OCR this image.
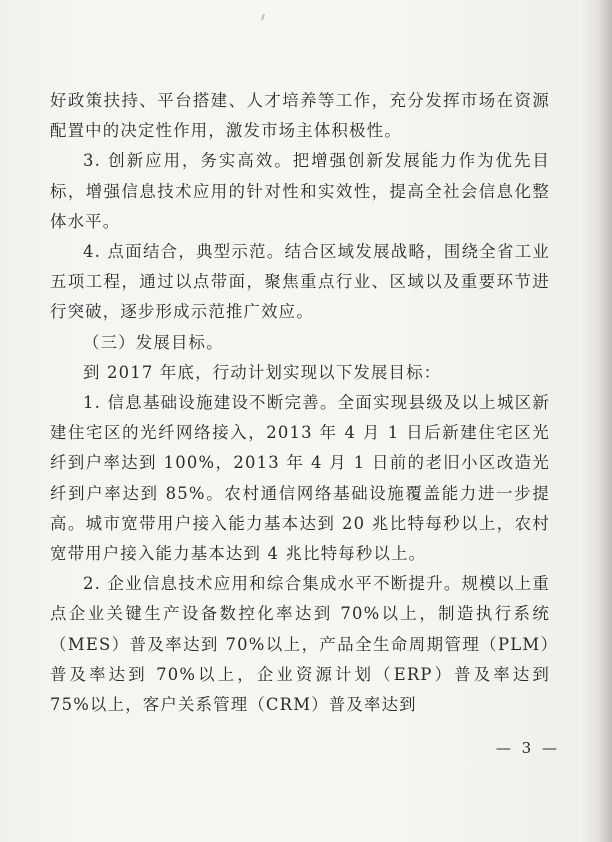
好政策扶持、平台搭建、人才培养等工作，充分发挥市场在资源配置中的决定性作用，激发市场主体积极性。

3. 创新应用，务实高效。把增强创新发展能力作为优先目标，增强信息技术应用的针对性和实效性，提高全社会信息化整体水平。

4. 点面结合，典型示范。结合区域发展战略，围绕全省工业五项工程，通过以点带面，聚焦重点行业、区域以及重要环节进行突破，逐步形成示范推广效应。

（三）发展目标。

到 2017 年底，行动计划实现以下发展目标：

1. 信息基础设施建设不断完善。全面实现县级及以上城区新建住宅区的光纤网络接入，2013 年 4 月 1 日后新建住宅区光纤到户率达到 100%，2013 年 4 月 1 日前的老旧小区改造光纤到户率达到 85%。农村通信网络基础设施覆盖能力进一步提高。城市宽带用户接入能力基本达到 20 兆比特每秒以上，农村宽带用户接入能力基本达到 4 兆比特每秒以上。

2. 企业信息技术应用和综合集成水平不断提升。规模以上重点企业关键生产设备数控化率达到 70%以上，制造执行系统（MES）普及率达到 70%以上，产品全生命周期管理（PLM）普及率达到 70%以上，企业资源计划（ERP）普及率达到 75%以上，客户关系管理（CRM）普及率达到

— 3 —
